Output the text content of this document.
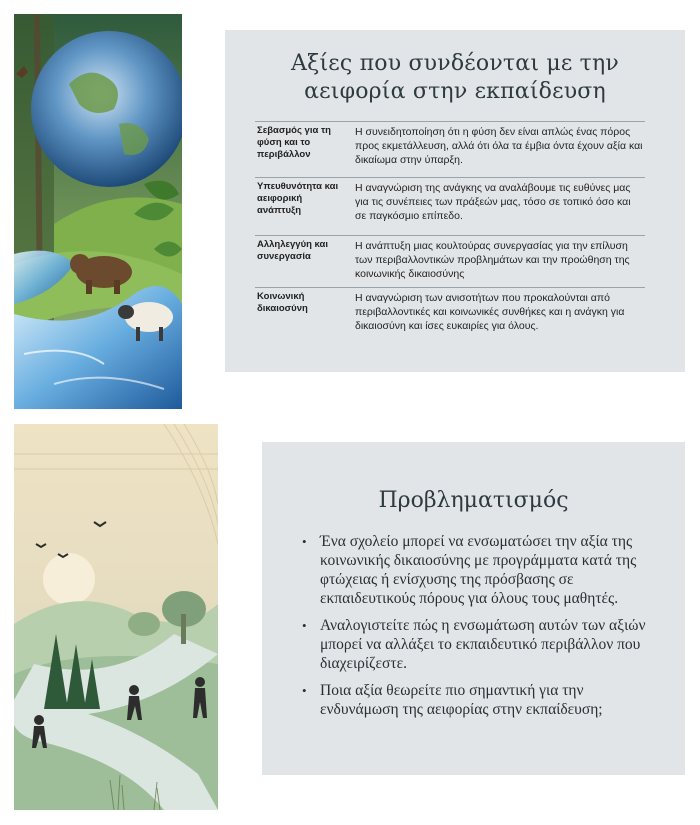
Αξίες που συνδέονται με την
αειφορία στην εκπαίδευση
Σεβασμός για τη φύση και το περιβάλλον	Η συνειδητοποίηση ότι η φύση δεν είναι απλώς ένας πόρος προς εκμετάλλευση, αλλά ότι όλα τα έμβια όντα έχουν αξία και δικαίωμα στην ύπαρξη.
Υπευθυνότητα και αειφορική ανάπτυξη	Η αναγνώριση της ανάγκης να αναλάβουμε τις ευθύνες μας για τις συνέπειες των πράξεών μας, τόσο σε τοπικό όσο και σε παγκόσμιο επίπεδο.
Αλληλεγγύη και συνεργασία	Η ανάπτυξη μιας κουλτούρας συνεργασίας για την επίλυση των περιβαλλοντικών προβλημάτων και την προώθηση της κοινωνικής δικαιοσύνης
Κοινωνική δικαιοσύνη	Η αναγνώριση των ανισοτήτων που προκαλούνται από περιβαλλοντικές και κοινωνικές συνθήκες και η ανάγκη για δικαιοσύνη και ίσες ευκαιρίες για όλους.
Προβληματισμός
• Ένα σχολείο μπορεί να ενσωματώσει την αξία της κοινωνικής δικαιοσύνης με προγράμματα κατά της φτώχειας ή ενίσχυσης της πρόσβασης σε εκπαιδευτικούς πόρους για όλους τους μαθητές.
• Αναλογιστείτε πώς η ενσωμάτωση αυτών των αξιών μπορεί να αλλάξει το εκπαιδευτικό περιβάλλον που διαχειρίζεστε.
• Ποια αξία θεωρείτε πιο σημαντική για την ενδυνάμωση της αειφορίας στην εκπαίδευση;
